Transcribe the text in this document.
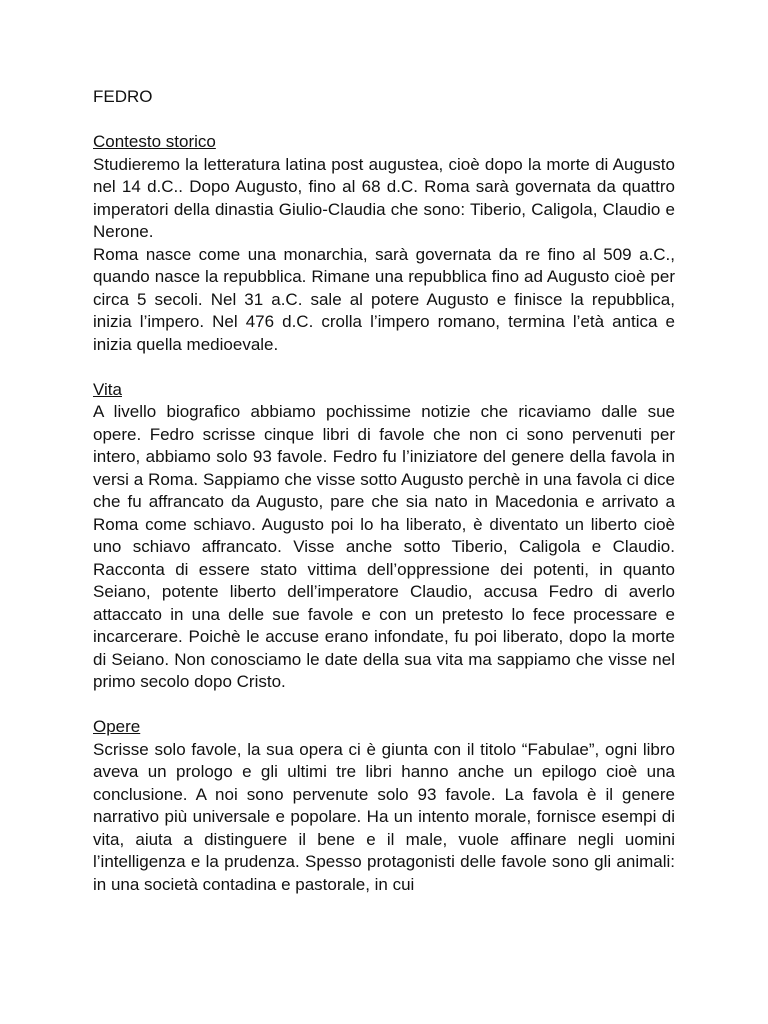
FEDRO
Contesto storico

Studieremo la letteratura latina post augustea, cioè dopo la morte di Augusto nel 14 d.C.. Dopo Augusto, fino al 68 d.C. Roma sarà governata da quattro imperatori della dinastia Giulio-Claudia che sono: Tiberio, Caligola, Claudio e Nerone.

Roma nasce come una monarchia, sarà governata da re fino al 509 a.C., quando nasce la repubblica. Rimane una repubblica fino ad Augusto cioè per circa 5 secoli. Nel 31 a.C. sale al potere Augusto e finisce la repubblica, inizia l’impero. Nel 476 d.C. crolla l’impero romano, termina l’età antica e inizia quella medioevale.

Vita

A livello biografico abbiamo pochissime notizie che ricaviamo dalle sue opere. Fedro scrisse cinque libri di favole che non ci sono pervenuti per intero, abbiamo solo 93 favole. Fedro fu l’iniziatore del genere della favola in versi a Roma. Sappiamo che visse sotto Augusto perchè in una favola ci dice che fu affrancato da Augusto, pare che sia nato in Macedonia e arrivato a Roma come schiavo. Augusto poi lo ha liberato, è diventato un liberto cioè uno schiavo affrancato. Visse anche sotto Tiberio, Caligola e Claudio. Racconta di essere stato vittima dell’oppressione dei potenti, in quanto Seiano, potente liberto dell’imperatore Claudio, accusa Fedro di averlo attaccato in una delle sue favole e con un pretesto lo fece processare e incarcerare. Poichè le accuse erano infondate, fu poi liberato, dopo la morte di Seiano. Non conosciamo le date della sua vita ma sappiamo che visse nel primo secolo dopo Cristo.

Opere

Scrisse solo favole, la sua opera ci è giunta con il titolo “Fabulae”, ogni libro aveva un prologo e gli ultimi tre libri hanno anche un epilogo cioè una conclusione. A noi sono pervenute solo 93 favole. La favola è il genere narrativo più universale e popolare. Ha un intento morale, fornisce esempi di vita, aiuta a distinguere il bene e il male, vuole affinare negli uomini l’intelligenza e la prudenza. Spesso protagonisti delle favole sono gli animali: in una società contadina e pastorale, in cui
